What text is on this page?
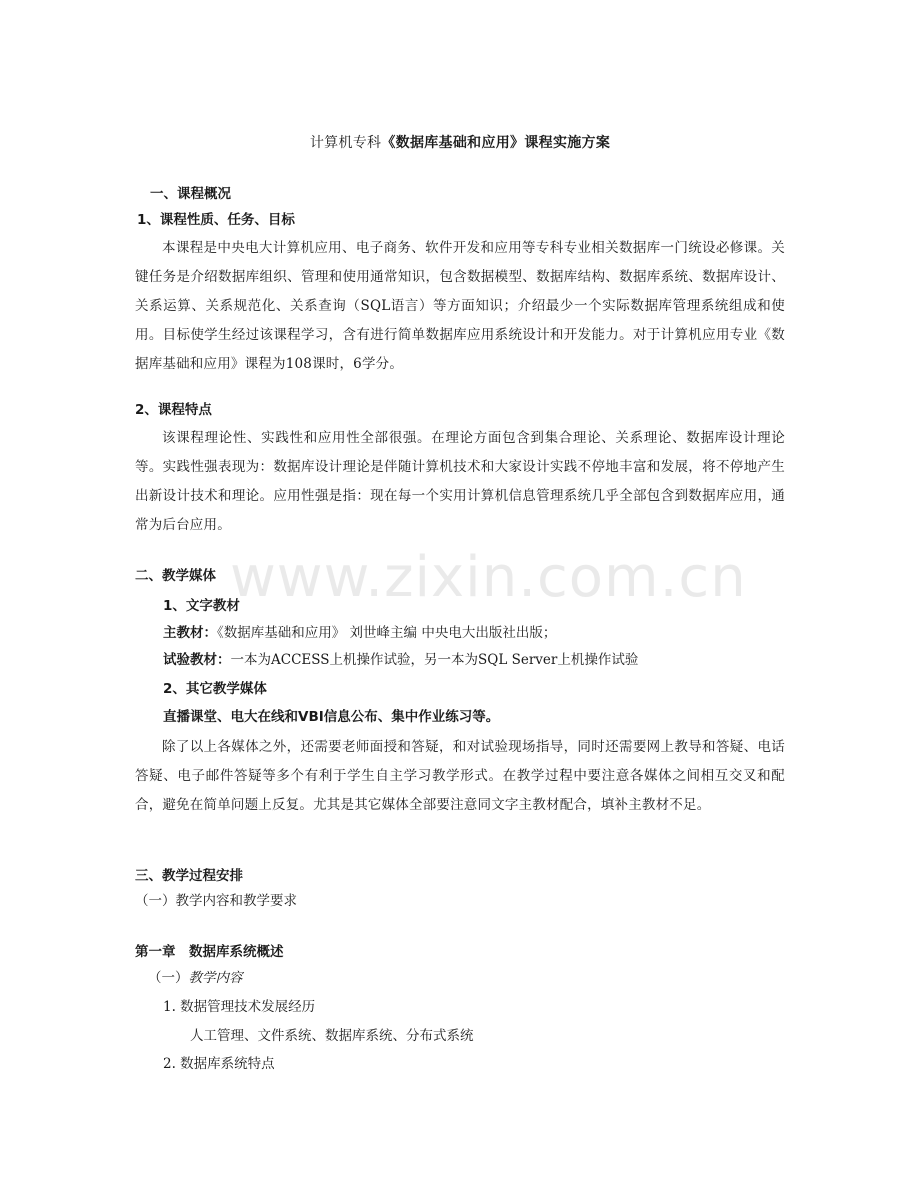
计算机专科《数据库基础和应用》课程实施方案
一、课程概况
1、课程性质、任务、目标
本课程是中央电大计算机应用、电子商务、软件开发和应用等专科专业相关数据库一门统设必修课。关键任务是介绍数据库组织、管理和使用通常知识，包含数据模型、数据库结构、数据库系统、数据库设计、关系运算、关系规范化、关系查询（SQL语言）等方面知识；介绍最少一个实际数据库管理系统组成和使用。目标使学生经过该课程学习，含有进行简单数据库应用系统设计和开发能力。对于计算机应用专业《数据库基础和应用》课程为108课时，6学分。
2、课程特点
该课程理论性、实践性和应用性全部很强。在理论方面包含到集合理论、关系理论、数据库设计理论等。实践性强表现为：数据库设计理论是伴随计算机技术和大家设计实践不停地丰富和发展，将不停地产生出新设计技术和理论。应用性强是指：现在每一个实用计算机信息管理系统几乎全部包含到数据库应用，通常为后台应用。
www.zixin.com.cn
二、教学媒体
1、文字教材
主教材：《数据库基础和应用》 刘世峰主编 中央电大出版社出版；
试验教材：一本为ACCESS上机操作试验，另一本为SQL Server上机操作试验
2、其它教学媒体
直播课堂、电大在线和VBI信息公布、集中作业练习等。
除了以上各媒体之外，还需要老师面授和答疑，和对试验现场指导，同时还需要网上教导和答疑、电话答疑、电子邮件答疑等多个有利于学生自主学习教学形式。在教学过程中要注意各媒体之间相互交叉和配合，避免在简单问题上反复。尤其是其它媒体全部要注意同文字主教材配合，填补主教材不足。
三、教学过程安排
（一）教学内容和教学要求
第一章　数据库系统概述
（一）教学内容
1. 数据管理技术发展经历
人工管理、文件系统、数据库系统、分布式系统
2. 数据库系统特点
